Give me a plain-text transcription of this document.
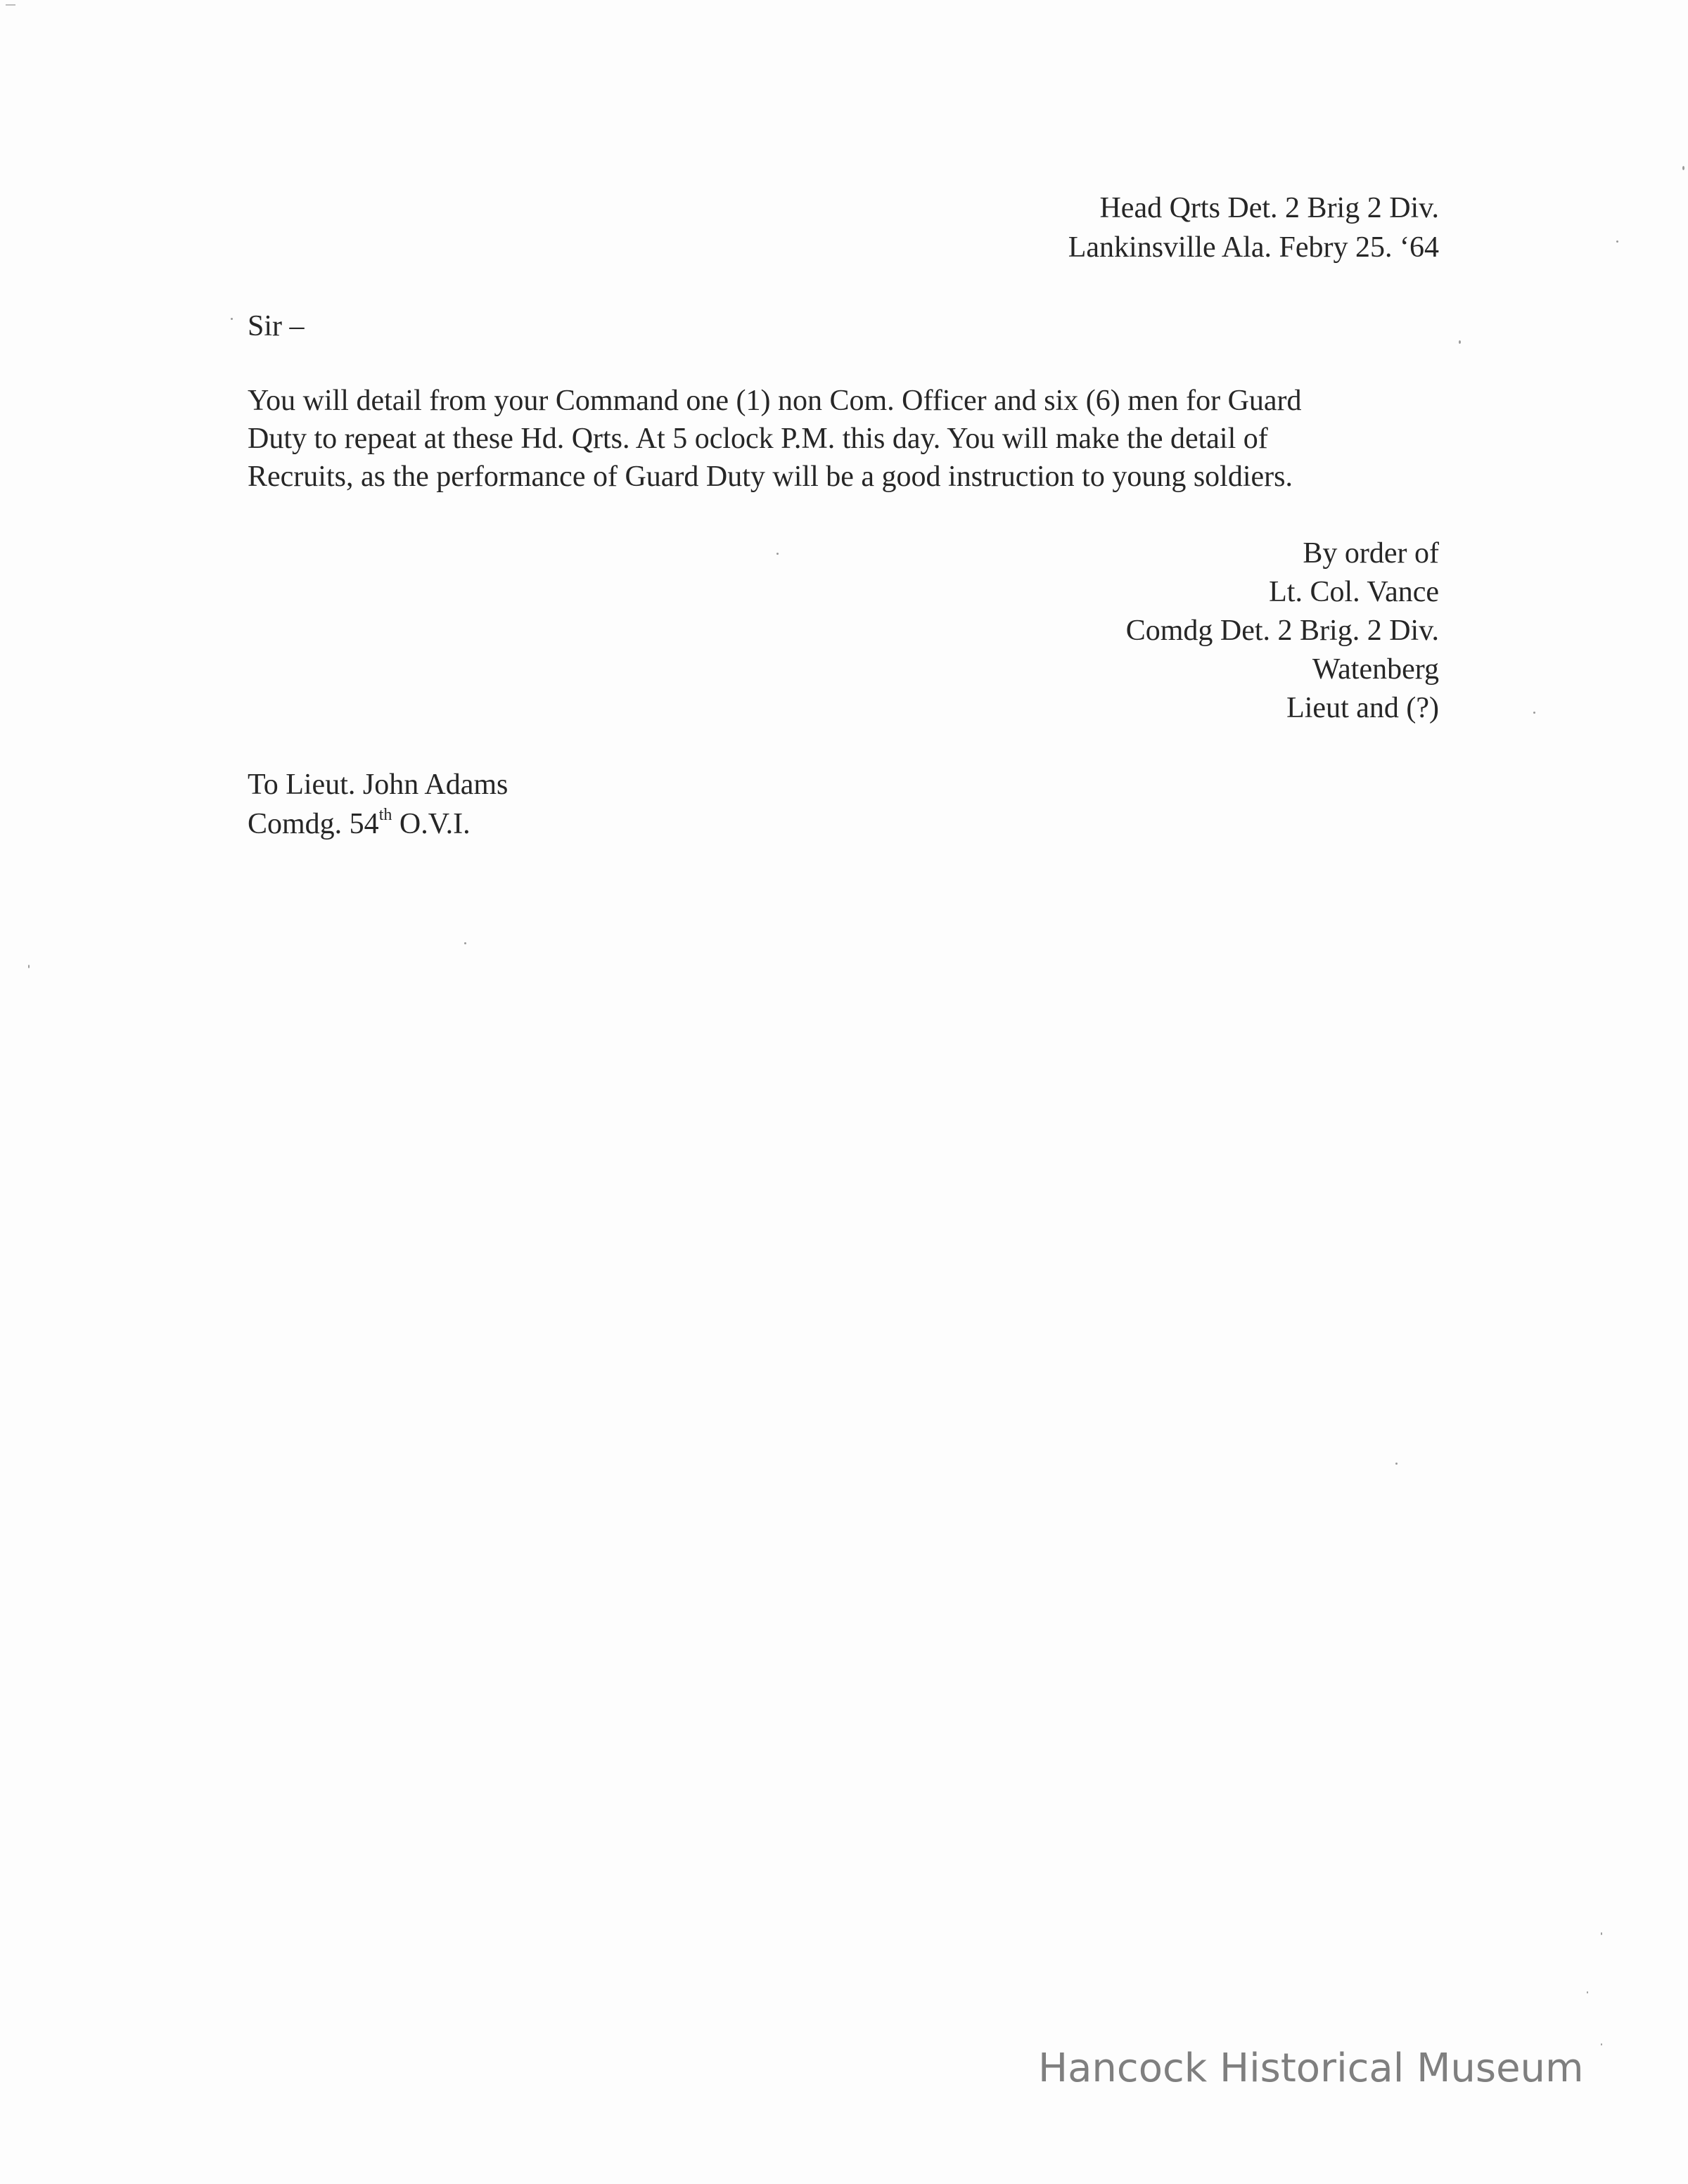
Head Qrts Det. 2 Brig 2 Div.
Lankinsville Ala. Febry 25. ‘64
Sir –

You will detail from your Command one (1) non Com. Officer and six (6) men for Guard

Duty to repeat at these Hd. Qrts. At 5 oclock P.M. this day. You will make the detail of

Recruits, as the performance of Guard Duty will be a good instruction to young soldiers.

By order of
Lt. Col. Vance
Comdg Det. 2 Brig. 2 Div.
Watenberg
Lieut and (?)
To Lieut. John Adams
Comdg. 54th O.V.I.
Hancock Historical Museum
